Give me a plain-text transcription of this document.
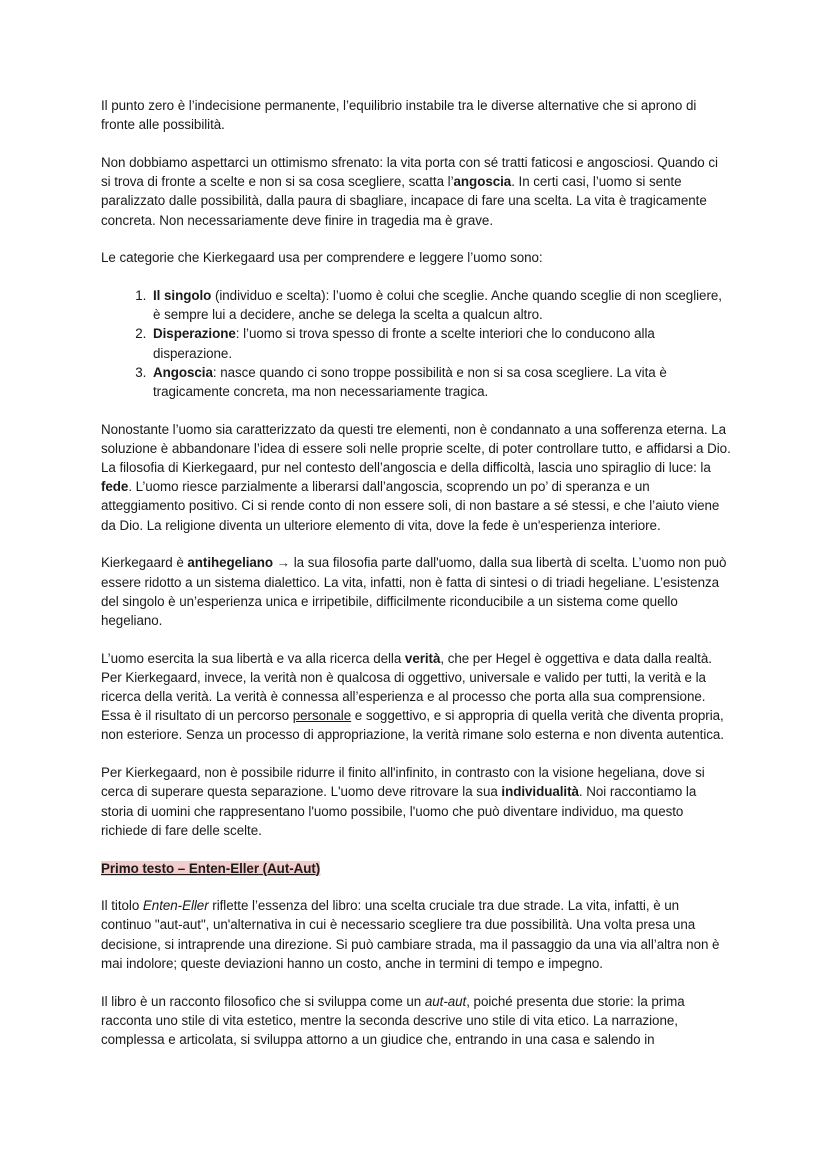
Il punto zero è l’indecisione permanente, l’equilibrio instabile tra le diverse alternative che si aprono di fronte alle possibilità.

Non dobbiamo aspettarci un ottimismo sfrenato: la vita porta con sé tratti faticosi e angosciosi. Quando ci si trova di fronte a scelte e non si sa cosa scegliere, scatta l’angoscia. In certi casi, l’uomo si sente paralizzato dalle possibilità, dalla paura di sbagliare, incapace di fare una scelta. La vita è tragicamente concreta. Non necessariamente deve finire in tragedia ma è grave.

Le categorie che Kierkegaard usa per comprendere e leggere l’uomo sono:

1. Il singolo (individuo e scelta): l’uomo è colui che sceglie. Anche quando sceglie di non scegliere, è sempre lui a decidere, anche se delega la scelta a qualcun altro.
2. Disperazione: l’uomo si trova spesso di fronte a scelte interiori che lo conducono alla disperazione.
3. Angoscia: nasce quando ci sono troppe possibilità e non si sa cosa scegliere. La vita è tragicamente concreta, ma non necessariamente tragica.

Nonostante l’uomo sia caratterizzato da questi tre elementi, non è condannato a una sofferenza eterna. La soluzione è abbandonare l’idea di essere soli nelle proprie scelte, di poter controllare tutto, e affidarsi a Dio. La filosofia di Kierkegaard, pur nel contesto dell’angoscia e della difficoltà, lascia uno spiraglio di luce: la fede. L’uomo riesce parzialmente a liberarsi dall’angoscia, scoprendo un po’ di speranza e un atteggiamento positivo. Ci si rende conto di non essere soli, di non bastare a sé stessi, e che l’aiuto viene da Dio. La religione diventa un ulteriore elemento di vita, dove la fede è un'esperienza interiore.

Kierkegaard è antihegeliano → la sua filosofia parte dall'uomo, dalla sua libertà di scelta. L’uomo non può essere ridotto a un sistema dialettico. La vita, infatti, non è fatta di sintesi o di triadi hegeliane. L’esistenza del singolo è un’esperienza unica e irripetibile, difficilmente riconducibile a un sistema come quello hegeliano.

L’uomo esercita la sua libertà e va alla ricerca della verità, che per Hegel è oggettiva e data dalla realtà. Per Kierkegaard, invece, la verità non è qualcosa di oggettivo, universale e valido per tutti, la verità e la ricerca della verità. La verità è connessa all’esperienza e al processo che porta alla sua comprensione. Essa è il risultato di un percorso personale e soggettivo, e si appropria di quella verità che diventa propria, non esteriore. Senza un processo di appropriazione, la verità rimane solo esterna e non diventa autentica.

Per Kierkegaard, non è possibile ridurre il finito all'infinito, in contrasto con la visione hegeliana, dove si cerca di superare questa separazione. L'uomo deve ritrovare la sua individualità. Noi raccontiamo la storia di uomini che rappresentano l'uomo possibile, l'uomo che può diventare individuo, ma questo richiede di fare delle scelte.

Primo testo – Enten-Eller (Aut-Aut)

Il titolo Enten-Eller riflette l’essenza del libro: una scelta cruciale tra due strade. La vita, infatti, è un continuo "aut-aut", un'alternativa in cui è necessario scegliere tra due possibilità. Una volta presa una decisione, si intraprende una direzione. Si può cambiare strada, ma il passaggio da una via all’altra non è mai indolore; queste deviazioni hanno un costo, anche in termini di tempo e impegno.

Il libro è un racconto filosofico che si sviluppa come un aut-aut, poiché presenta due storie: la prima racconta uno stile di vita estetico, mentre la seconda descrive uno stile di vita etico. La narrazione, complessa e articolata, si sviluppa attorno a un giudice che, entrando in una casa e salendo in
